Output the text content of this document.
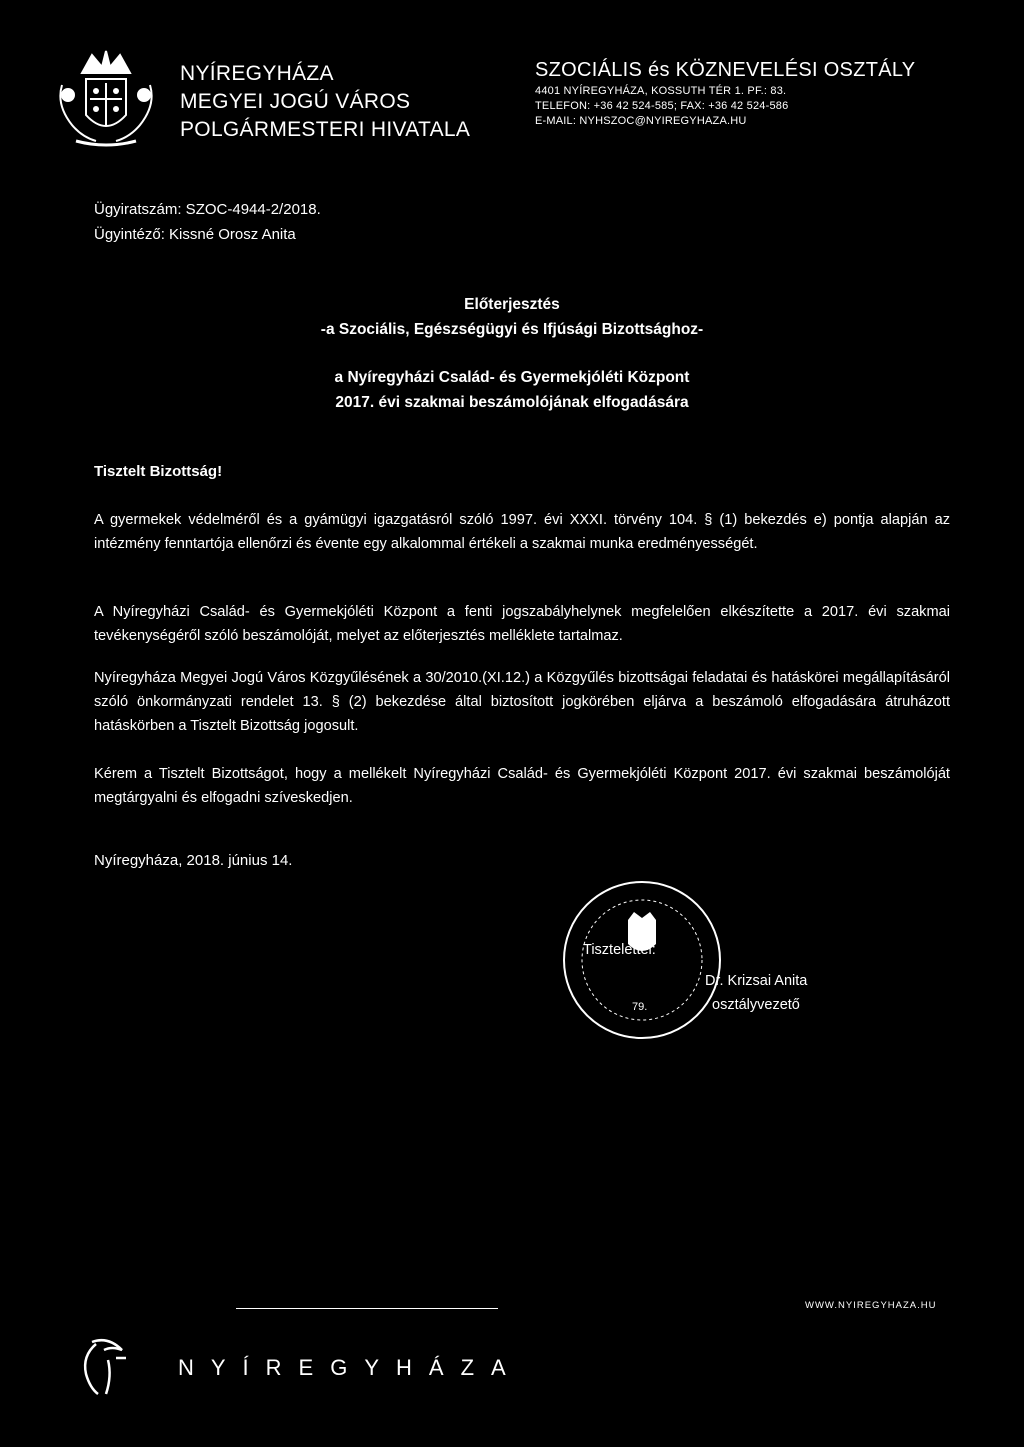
NYÍREGYHÁZA
MEGYEI JOGÚ VÁROS
POLGÁRMESTERI HIVATALA
SZOCIÁLIS és KÖZNEVELÉSI OSZTÁLY
4401 NYÍREGYHÁZA, KOSSUTH TÉR 1. PF.: 83.
TELEFON: +36 42 524-585; FAX: +36 42 524-586
E-MAIL: NYHSZOC@NYIREGYHAZA.HU
Ügyiratszám: SZOC-4944-2/2018.
Ügyintéző: Kissné Orosz Anita
Előterjesztés
-a Szociális, Egészségügyi és Ifjúsági Bizottsághoz-
a Nyíregyházi Család- és Gyermekjóléti Központ
2017. évi szakmai beszámolójának elfogadására
Tisztelt Bizottság!
A gyermekek védelméről és a gyámügyi igazgatásról szóló 1997. évi XXXI. törvény 104. § (1) bekezdés e) pontja alapján az intézmény fenntartója ellenőrzi és évente egy alkalommal értékeli a szakmai munka eredményességét.
A Nyíregyházi Család- és Gyermekjóléti Központ a fenti jogszabályhelynek megfelelően elkészítette a 2017. évi szakmai tevékenységéről szóló beszámolóját, melyet az előterjesztés melléklete tartalmaz.
Nyíregyháza Megyei Jogú Város Közgyűlésének a 30/2010.(XI.12.) a Közgyűlés bizottságai feladatai és hatáskörei megállapításáról szóló önkormányzati rendelet 13. § (2) bekezdése által biztosított jogkörében eljárva a beszámoló elfogadására átruházott hatáskörben a Tisztelt Bizottság jogosult.
Kérem a Tisztelt Bizottságot, hogy a mellékelt Nyíregyházi Család- és Gyermekjóléti Központ 2017. évi szakmai beszámolóját megtárgyalni és elfogadni szíveskedjen.
Nyíregyháza, 2018. június 14.
79.
Tisztelettel:
Dr. Krizsai Anita
osztályvezető
WWW.NYIREGYHAZA.HU
NYÍREGYHÁZA
